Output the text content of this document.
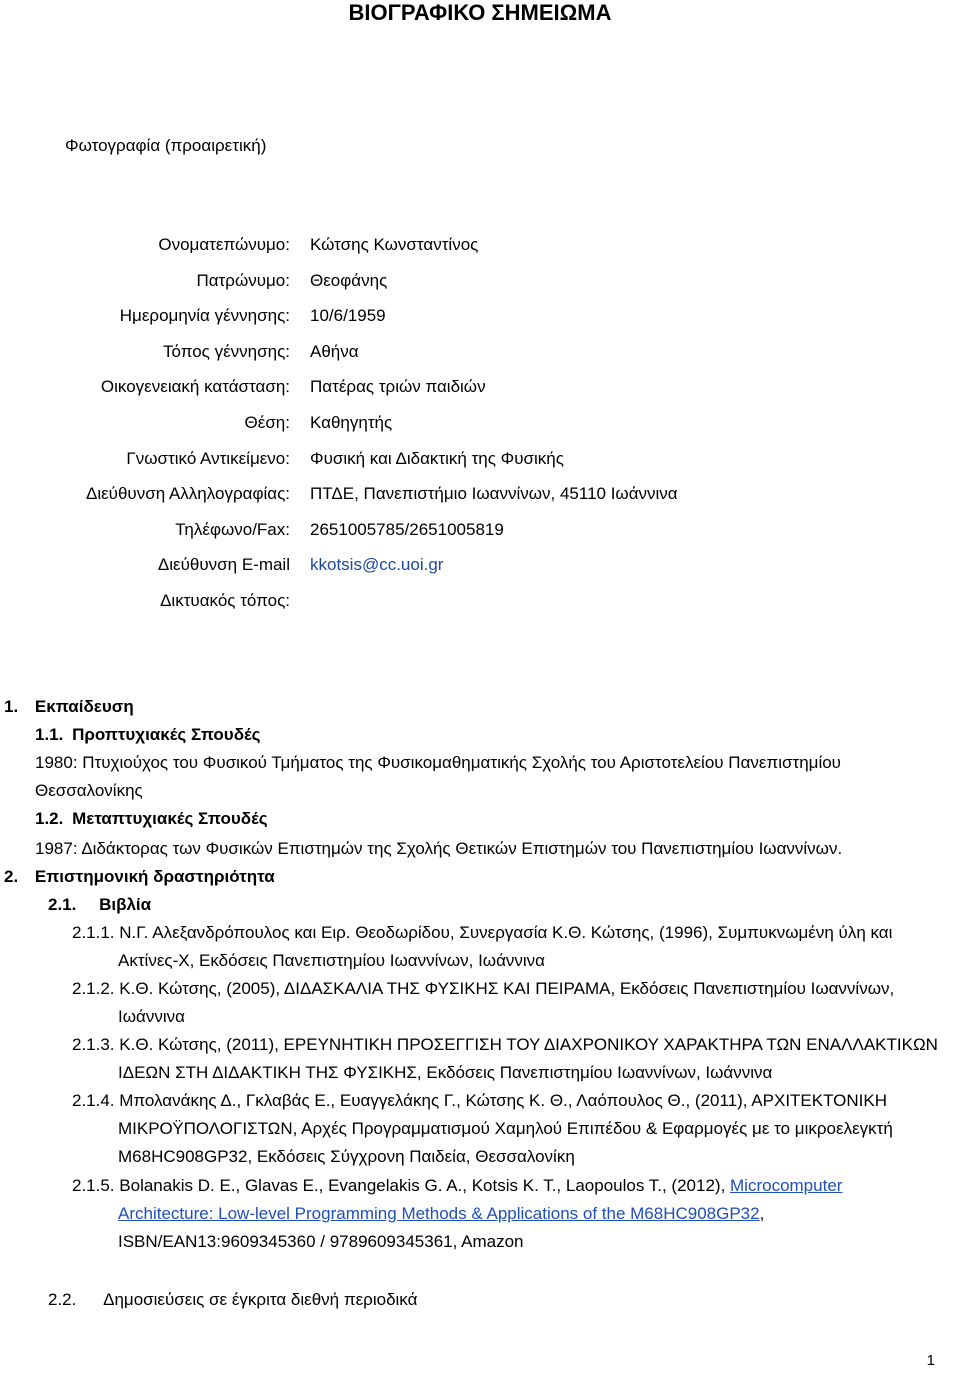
ΒΙΟΓΡΑΦΙΚΟ ΣΗΜΕΙΩΜΑ
Φωτογραφία (προαιρετική)
Ονοματεπώνυμο: Κώτσης Κωνσταντίνος
Πατρώνυμο: Θεοφάνης
Ημερομηνία γέννησης: 10/6/1959
Τόπος γέννησης: Αθήνα
Οικογενειακή κατάσταση: Πατέρας τριών παιδιών
Θέση: Καθηγητής
Γνωστικό Αντικείμενο: Φυσική και Διδακτική της Φυσικής
Διεύθυνση Αλληλογραφίας: ΠΤΔΕ, Πανεπιστήμιο Ιωαννίνων, 45110 Ιωάννινα
Τηλέφωνο/Fax: 2651005785/2651005819
Διεύθυνση E-mail kkotsis@cc.uoi.gr
Δικτυακός τόπος:
1. Εκπαίδευση
1.1. Προπτυχιακές Σπουδές
1980: Πτυχιούχος του Φυσικού Τμήματος της Φυσικομαθηματικής Σχολής του Αριστοτελείου Πανεπιστημίου
Θεσσαλονίκης
1.2. Μεταπτυχιακές Σπουδές
1987: Διδάκτορας των Φυσικών Επιστημών της Σχολής Θετικών Επιστημών του Πανεπιστημίου Ιωαννίνων.
2. Επιστημονική δραστηριότητα
2.1. Βιβλία
2.1.1. Ν.Γ. Αλεξανδρόπουλος και Ειρ. Θεοδωρίδου, Συνεργασία Κ.Θ. Κώτσης, (1996), Συμπυκνωμένη ύλη και
Ακτίνες-Χ, Εκδόσεις Πανεπιστημίου Ιωαννίνων, Ιωάννινα
2.1.2. Κ.Θ. Κώτσης, (2005), ΔΙΔΑΣΚΑΛΙΑ ΤΗΣ ΦΥΣΙΚΗΣ ΚΑΙ ΠΕΙΡΑΜΑ, Εκδόσεις Πανεπιστημίου Ιωαννίνων,
Ιωάννινα
2.1.3. Κ.Θ. Κώτσης, (2011), ΕΡΕΥΝΗΤΙΚΗ ΠΡΟΣΕΓΓΙΣΗ ΤΟΥ ΔΙΑΧΡΟΝΙΚΟΥ ΧΑΡΑΚΤΗΡΑ ΤΩΝ ΕΝΑΛΛΑΚΤΙΚΩΝ
ΙΔΕΩΝ ΣΤΗ ΔΙΔΑΚΤΙΚΗ ΤΗΣ ΦΥΣΙΚΗΣ, Εκδόσεις Πανεπιστημίου Ιωαννίνων, Ιωάννινα
2.1.4. Μπολανάκης Δ., Γκλαβάς Ε., Ευαγγελάκης Γ., Κώτσης Κ. Θ., Λαόπουλος Θ., (2011), ΑΡΧΙΤΕΚΤΟΝΙΚΗ
ΜΙΚΡΟΫΠΟΛΟΓΙΣΤΩΝ, Αρχές Προγραμματισμού Χαμηλού Επιπέδου & Εφαρμογές με το μικροελεγκτή
M68HC908GP32, Εκδόσεις Σύγχρονη Παιδεία, Θεσσαλονίκη
2.1.5. Bolanakis D. E., Glavas E., Evangelakis G. A., Kotsis K. T., Laopoulos T., (2012), Microcomputer
Architecture: Low-level Programming Methods & Applications of the M68HC908GP32,
ISBN/EAN13:9609345360 / 9789609345361, Amazon
2.2. Δημοσιεύσεις σε έγκριτα διεθνή περιοδικά
1
